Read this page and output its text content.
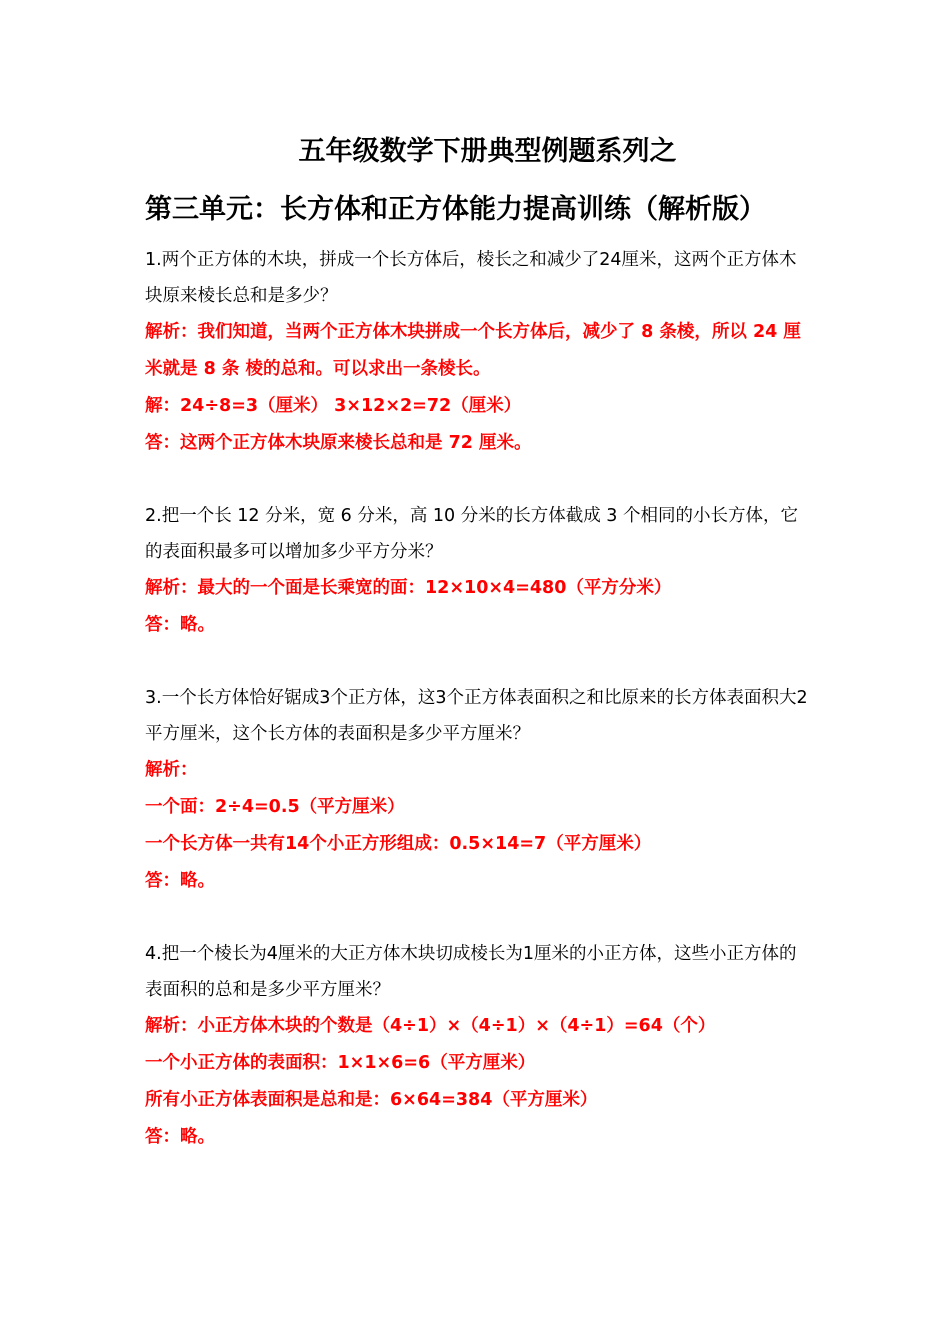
五年级数学下册典型例题系列之
第三单元：长方体和正方体能力提高训练（解析版）

1.两个正方体的木块，拼成一个长方体后，棱长之和减少了24厘米，这两个正方体木块原来棱长总和是多少？

解析：我们知道，当两个正方体木块拼成一个长方体后，减少了 8 条棱，所以 24 厘米就是 8 条 棱的总和。可以求出一条棱长。

解：24÷8=3（厘米） 3×12×2=72（厘米）

答：这两个正方体木块原来棱长总和是 72 厘米。

2.把一个长 12 分米，宽 6 分米，高 10 分米的长方体截成 3 个相同的小长方体，它的表面积最多可以增加多少平方分米？

解析：最大的一个面是长乘宽的面：12×10×4=480（平方分米）

答：略。

3.一个长方体恰好锯成3个正方体，这3个正方体表面积之和比原来的长方体表面积大2平方厘米，这个长方体的表面积是多少平方厘米？

解析：

一个面：2÷4=0.5（平方厘米）

一个长方体一共有14个小正方形组成：0.5×14=7（平方厘米）

答：略。

4.把一个棱长为4厘米的大正方体木块切成棱长为1厘米的小正方体，这些小正方体的表面积的总和是多少平方厘米？

解析：小正方体木块的个数是（4÷1）×（4÷1）×（4÷1）=64（个）

一个小正方体的表面积：1×1×6=6（平方厘米）

所有小正方体表面积是总和是：6×64=384（平方厘米）

答：略。
